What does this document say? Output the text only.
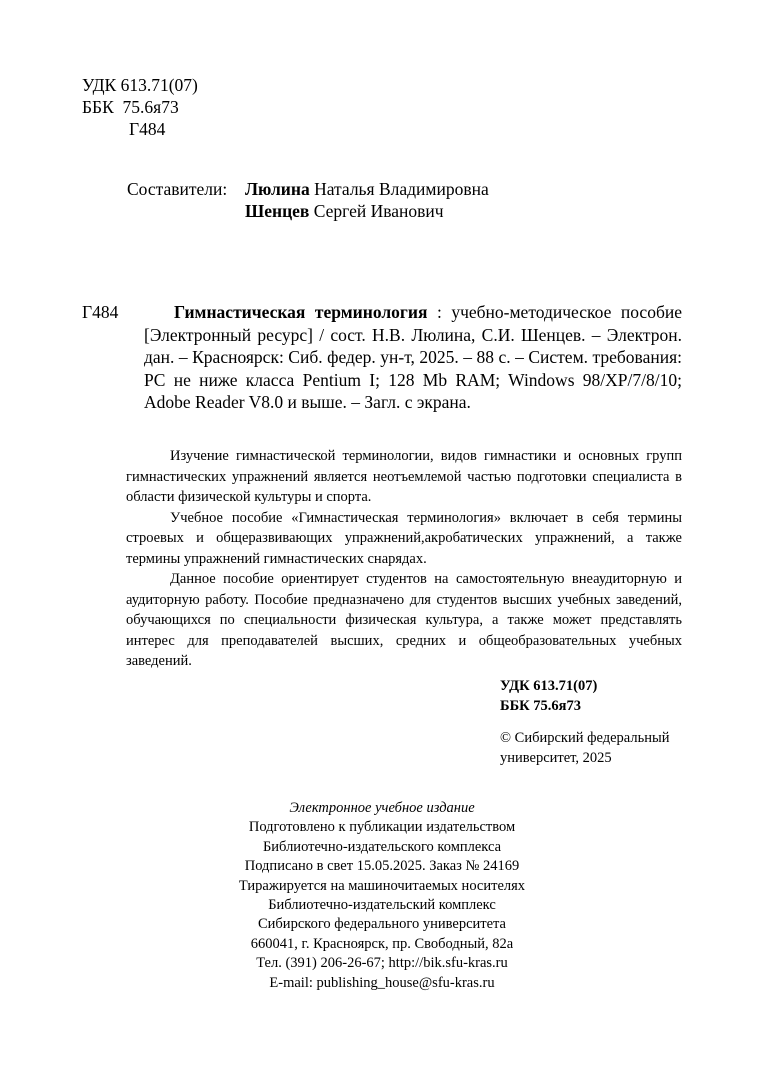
УДК 613.71(07)
ББК  75.6я73
Г484
Составители: Люлина Наталья Владимировна
Шенцев Сергей Иванович
Г484	Гимнастическая терминология : учебно-методическое пособие [Электронный ресурс] / сост. Н.В. Люлина, С.И. Шенцев. – Электрон. дан. – Красноярск: Сиб. федер. ун-т, 2025. – 88 с. – Систем. требования: PC не ниже класса Pentium I; 128 Mb RAM; Windows 98/XP/7/8/10; Adobe Reader V8.0 и выше. – Загл. с экрана.

Изучение гимнастической терминологии, видов гимнастики и основных групп гимнастических упражнений является неотъемлемой частью подготовки специалиста в области физической культуры и спорта.

Учебное пособие «Гимнастическая терминология» включает в себя термины строевых и общеразвивающих упражнений,акробатических упражнений, а также термины упражнений гимнастических снарядах.

Данное пособие ориентирует студентов на самостоятельную внеаудиторную и аудиторную работу. Пособие предназначено для студентов высших учебных заведений, обучающихся по специальности физическая культура, а также может представлять интерес для преподавателей высших, средних и общеобразовательных учебных заведений.

УДК 613.71(07)
ББК 75.6я73
© Сибирский федеральный
университет, 2025
Электронное учебное издание
Подготовлено к публикации издательством
Библиотечно-издательского комплекса
Подписано в свет 15.05.2025. Заказ № 24169
Тиражируется на машиночитаемых носителях
Библиотечно-издательский комплекс
Сибирского федерального университета
660041, г. Красноярск, пр. Свободный, 82а
Тел. (391) 206-26-67; http://bik.sfu-kras.ru
E-mail: publishing_house@sfu-kras.ru
